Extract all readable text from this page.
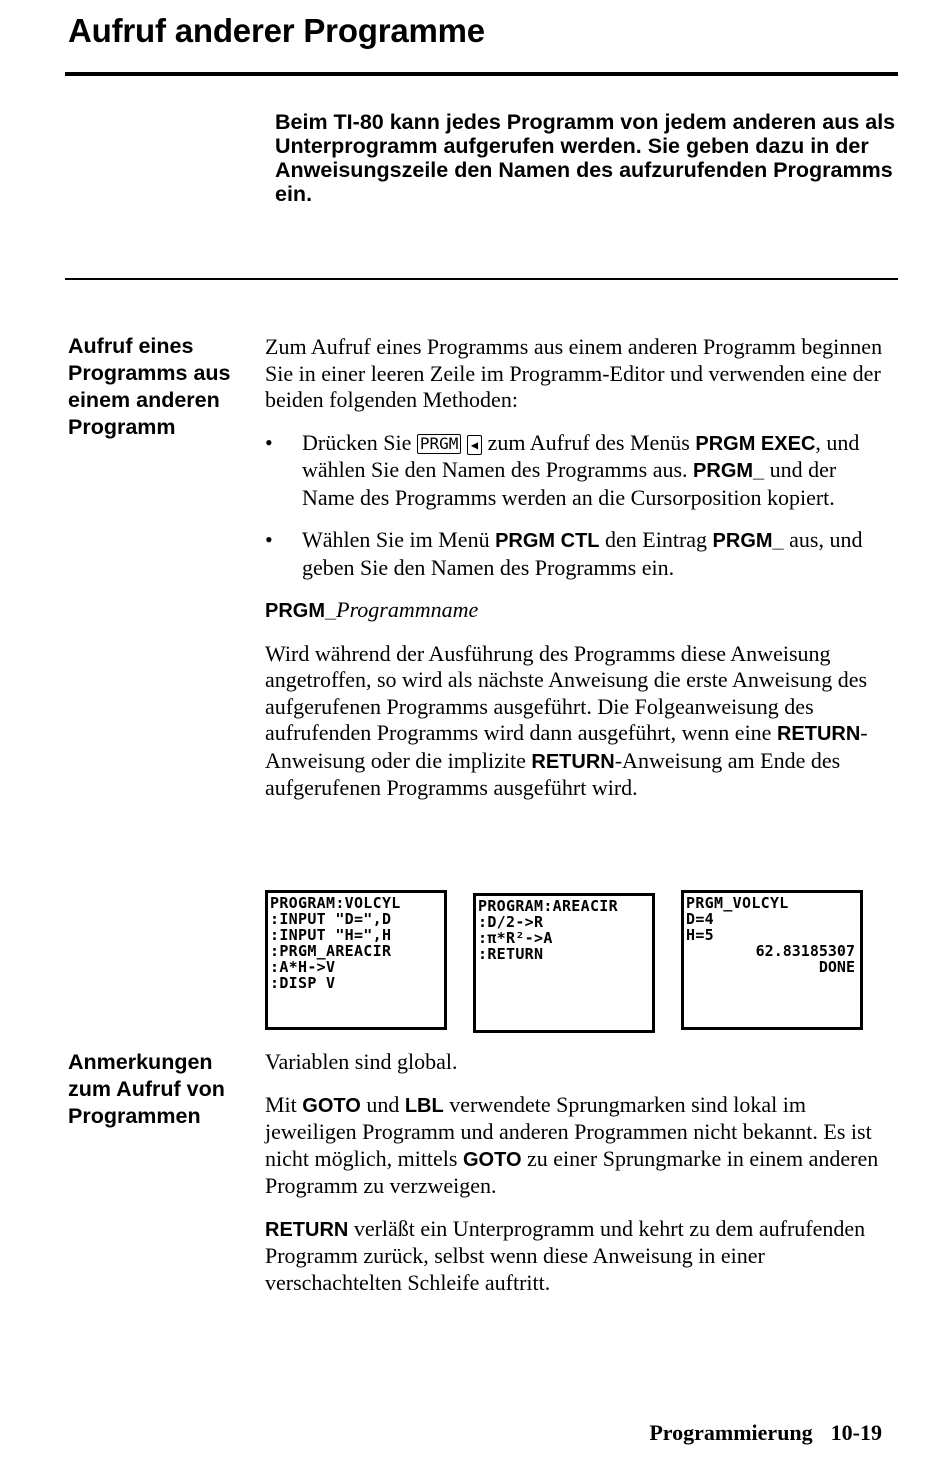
Aufruf anderer Programme
Beim TI-80 kann jedes Programm von jedem anderen aus als Unterprogramm aufgerufen werden. Sie geben dazu in der Anweisungszeile den Namen des aufzurufenden Programms ein.
Aufruf eines Programms aus einem anderen Programm

Zum Aufruf eines Programms aus einem anderen Programm beginnen Sie in einer leeren Zeile im Programm-Editor und verwenden eine der beiden folgenden Methoden:

• Drücken Sie PRGM ◀ zum Aufruf des Menüs PRGM EXEC, und wählen Sie den Namen des Programms aus. PRGM_ und der Name des Programms werden an die Cursorposition kopiert.

• Wählen Sie im Menü PRGM CTL den Eintrag PRGM_ aus, und geben Sie den Namen des Programms ein.

PRGM_Programmname

Wird während der Ausführung des Programms diese Anweisung angetroffen, so wird als nächste Anweisung die erste Anweisung des aufgerufenen Programms ausgeführt. Die Folgeanweisung des aufrufenden Programms wird dann ausgeführt, wenn eine RETURN-Anweisung oder die implizite RETURN-Anweisung am Ende des aufgerufenen Programms ausgeführt wird.

PROGRAM:VOLCYL
:INPUT "D=",D
:INPUT "H=",H
:PRGM_AREACIR
:A*H->V
:DISP V
PROGRAM:AREACIR
:D/2->R
:π*R²->A
:RETURN
PRGM_VOLCYL
D=4
H=5
62.83185307
DONE
Anmerkungen zum Aufruf von Programmen

Variablen sind global.

Mit GOTO und LBL verwendete Sprungmarken sind lokal im jeweiligen Programm und anderen Programmen nicht bekannt. Es ist nicht möglich, mittels GOTO zu einer Sprungmarke in einem anderen Programm zu verzweigen.

RETURN verläßt ein Unterprogramm und kehrt zu dem aufrufenden Programm zurück, selbst wenn diese Anweisung in einer verschachtelten Schleife auftritt.

Programmierung 10-19
